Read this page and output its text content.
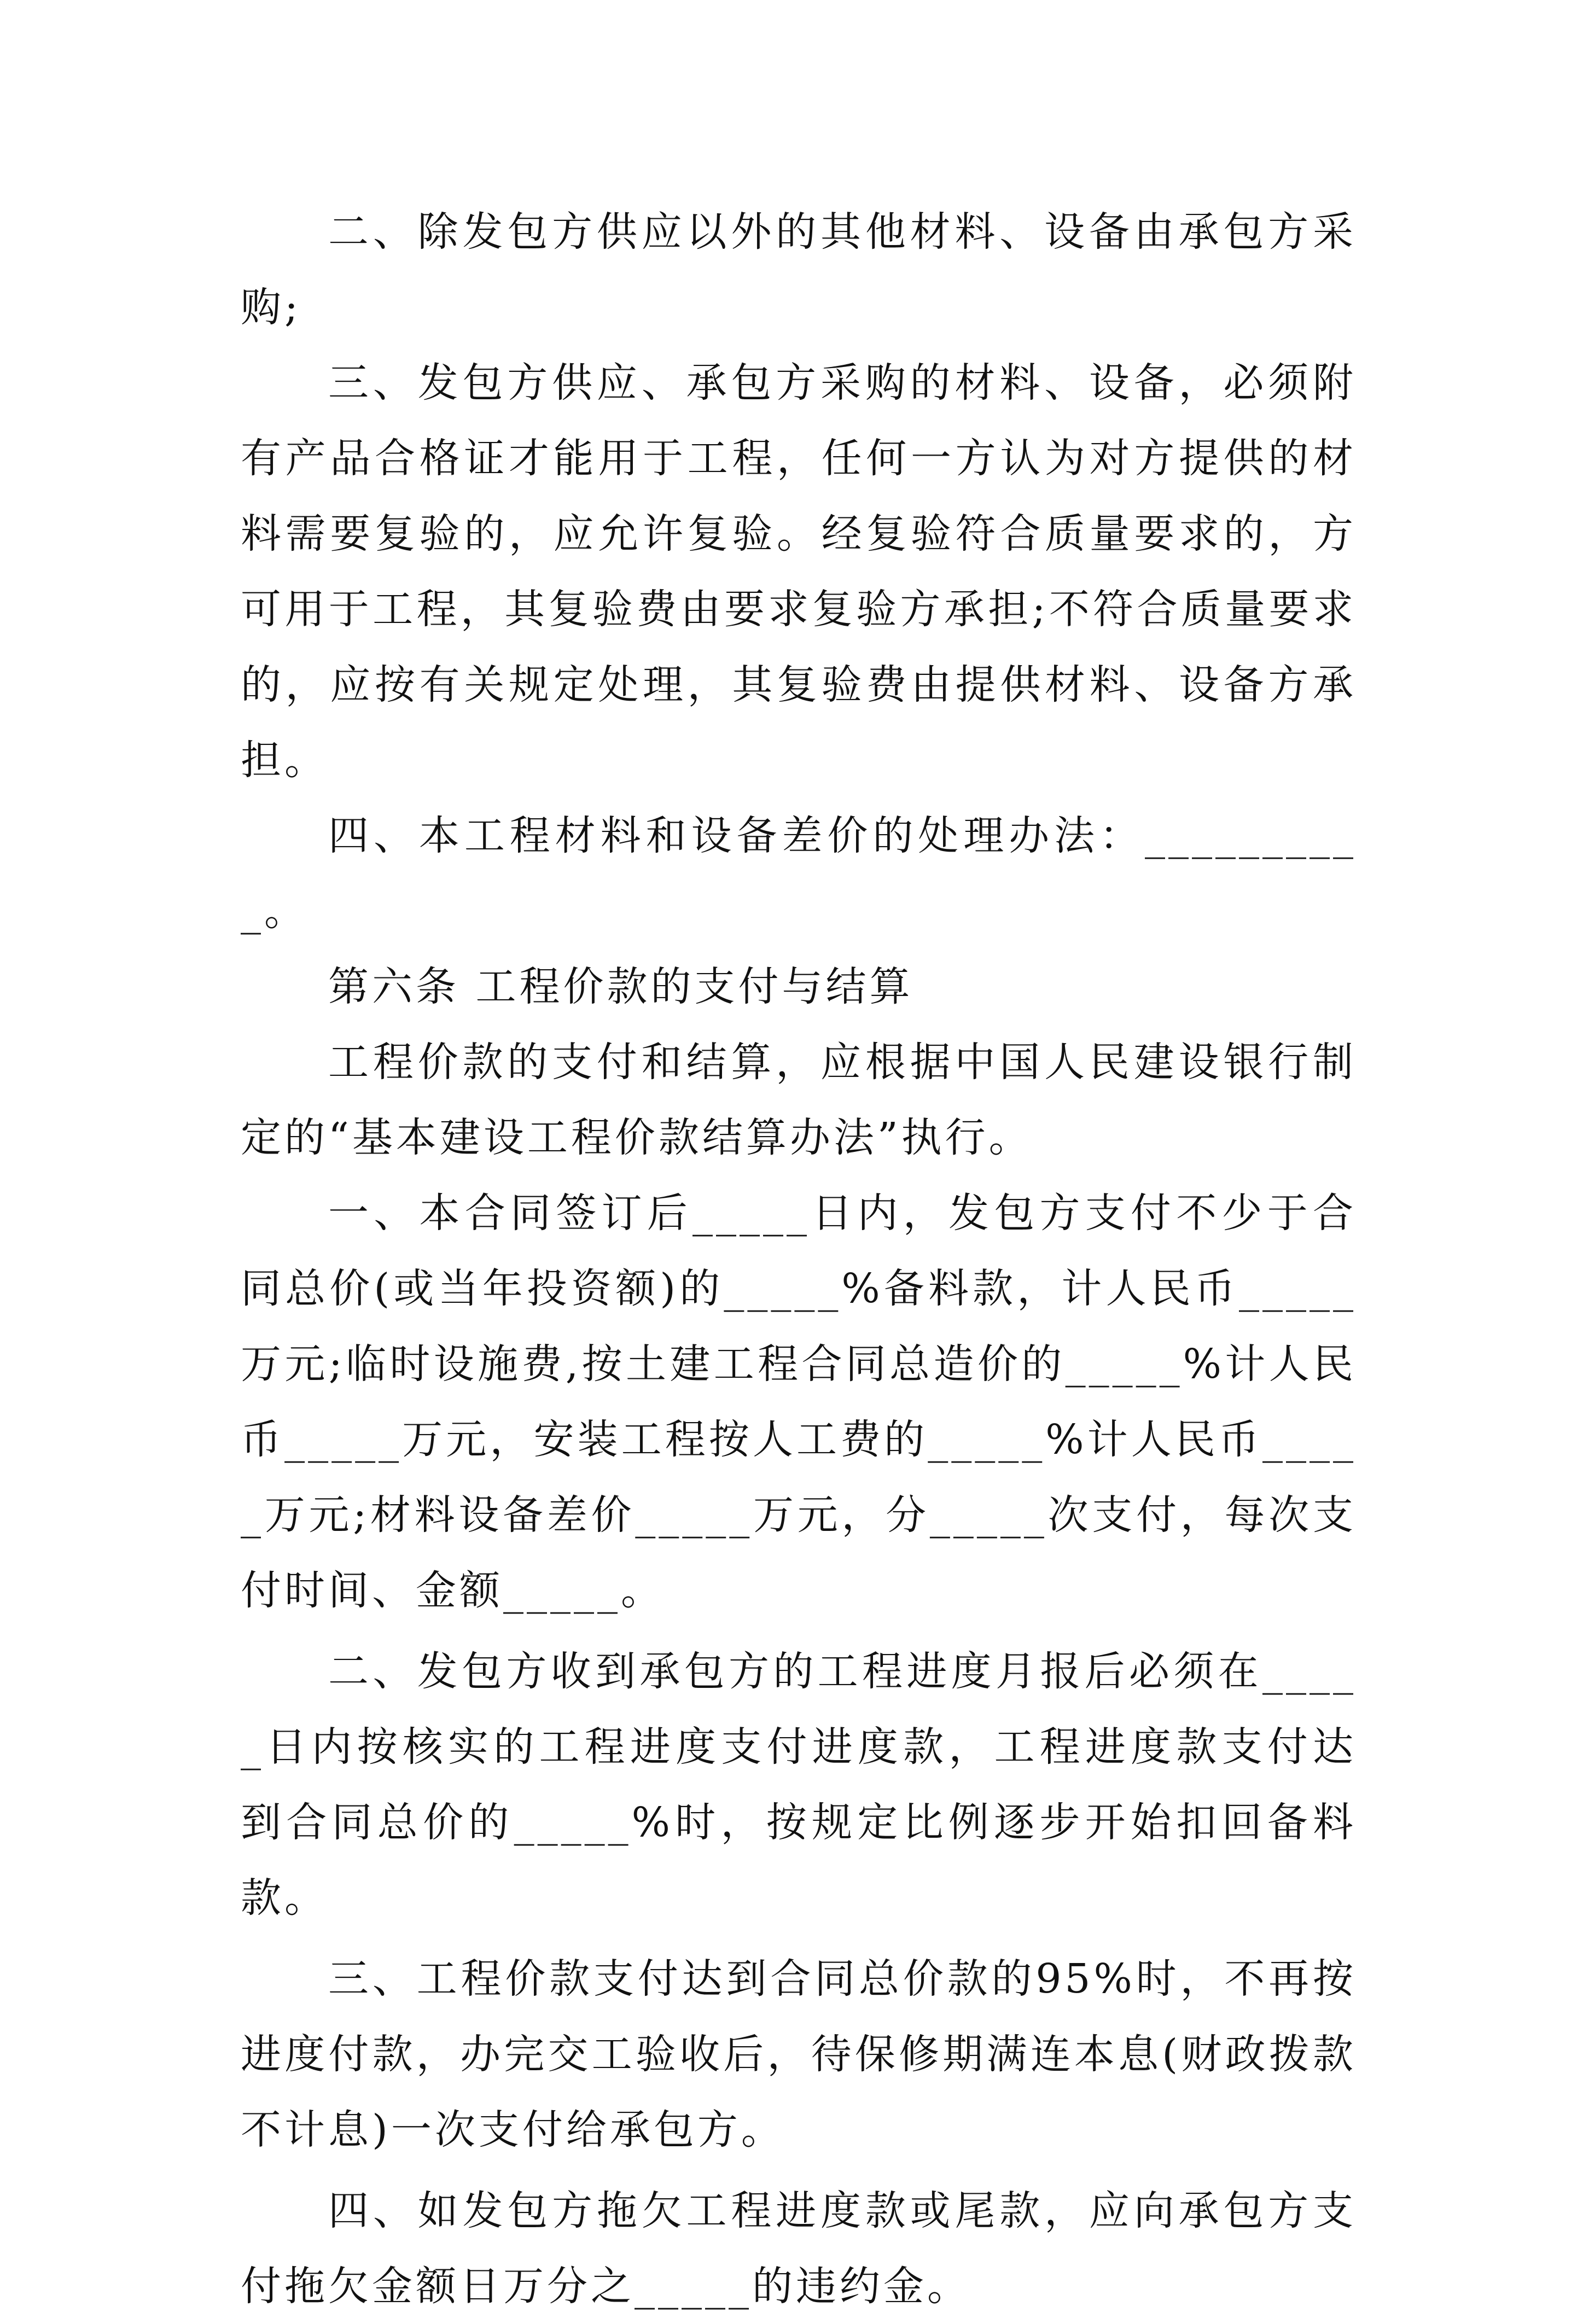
二、除发包方供应以外的其他材料、设备由承包方采购;

三、发包方供应、承包方采购的材料、设备，必须附有产品合格证才能用于工程，任何一方认为对方提供的材料需要复验的，应允许复验。经复验符合质量要求的，方可用于工程，其复验费由要求复验方承担;不符合质量要求的，应按有关规定处理，其复验费由提供材料、设备方承担。

四、本工程材料和设备差价的处理办法：__________。

第六条 工程价款的支付与结算

工程价款的支付和结算，应根据中国人民建设银行制定的“基本建设工程价款结算办法”执行。

一、本合同签订后_____日内，发包方支付不少于合同总价(或当年投资额)的_____%备料款，计人民币_____万元;临时设施费,按土建工程合同总造价的_____%计人民币_____万元，安装工程按人工费的_____%计人民币_____万元;材料设备差价_____万元，分_____次支付，每次支付时间、金额_____。

二、发包方收到承包方的工程进度月报后必须在_____日内按核实的工程进度支付进度款，工程进度款支付达到合同总价的_____%时，按规定比例逐步开始扣回备料款。

三、工程价款支付达到合同总价款的95%时，不再按进度付款，办完交工验收后，待保修期满连本息(财政拨款不计息)一次支付给承包方。

四、如发包方拖欠工程进度款或尾款，应向承包方支付拖欠金额日万分之_____的违约金。
